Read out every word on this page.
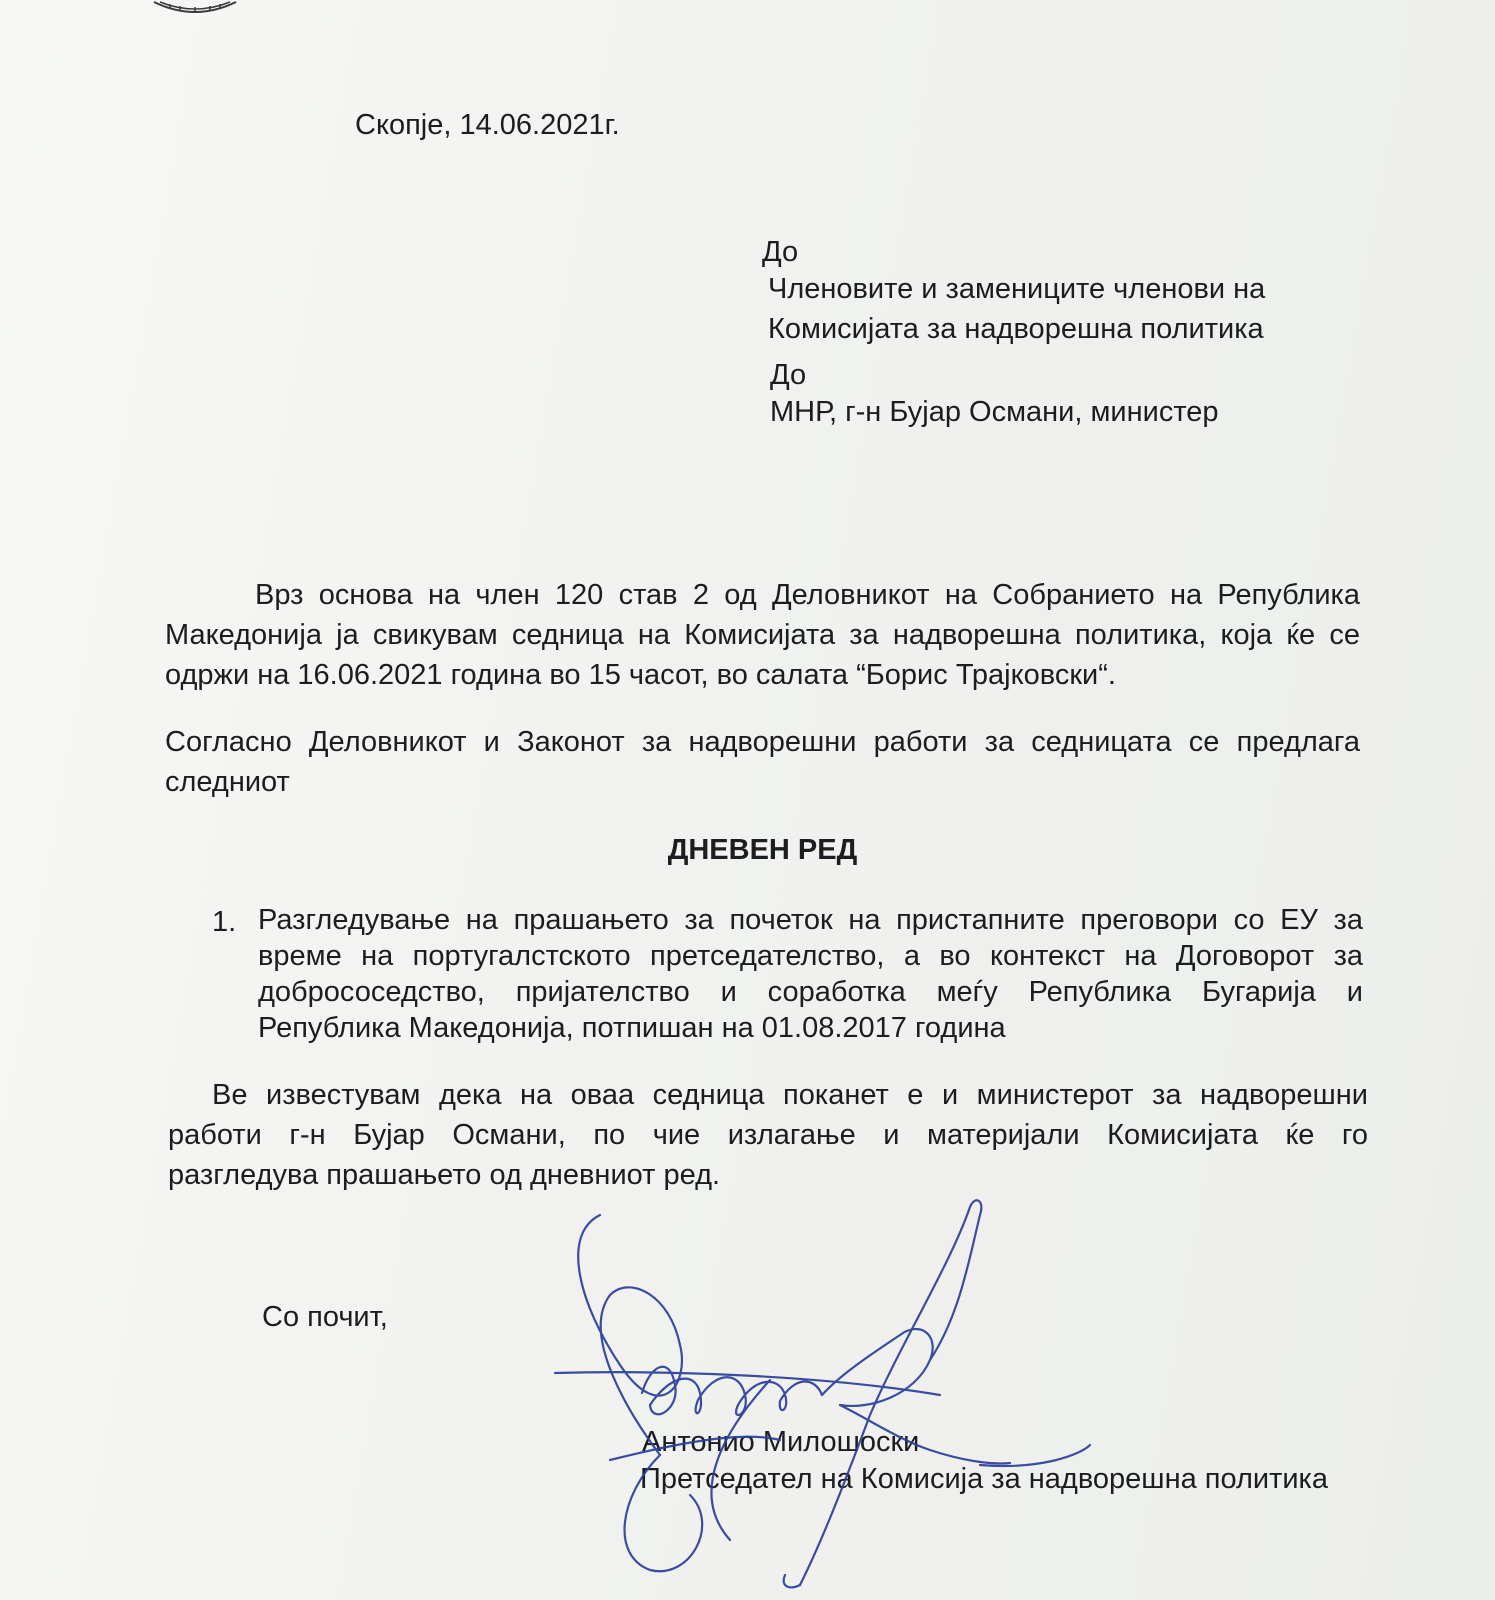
Скопје, 14.06.2021г.
До
Членовите и замениците членови на
Комисијата за надворешна политика
До
МНР, г-н Бујар Османи, министер
Врз основа на член 120 став 2 од Деловникот на Собранието на Република
Македонија ја свикувам седница на Комисијата за надворешна политика, која ќе се
одржи на 16.06.2021 година во 15 часот, во салата “Борис Трајковски“.
Согласно Деловникот и Законот за надворешни работи за седницата се предлага
следниот
ДНЕВЕН РЕД
1. Разгледување на прашањето за почеток на пристапните преговори со ЕУ за
време на португалстското претседателство, а во контекст на Договорот за
добрососедство, пријателство и соработка меѓу Република Бугарија и
Република Македонија, потпишан на 01.08.2017 година
Ве известувам дека на оваа седница поканет е и министерот за надворешни
работи г-н Бујар Османи, по чие излагање и материјали Комисијата ќе го
разгледува прашањето од дневниот ред.
Со почит,
Антонио Милошоски
Претседател на Комисија за надворешна политика
